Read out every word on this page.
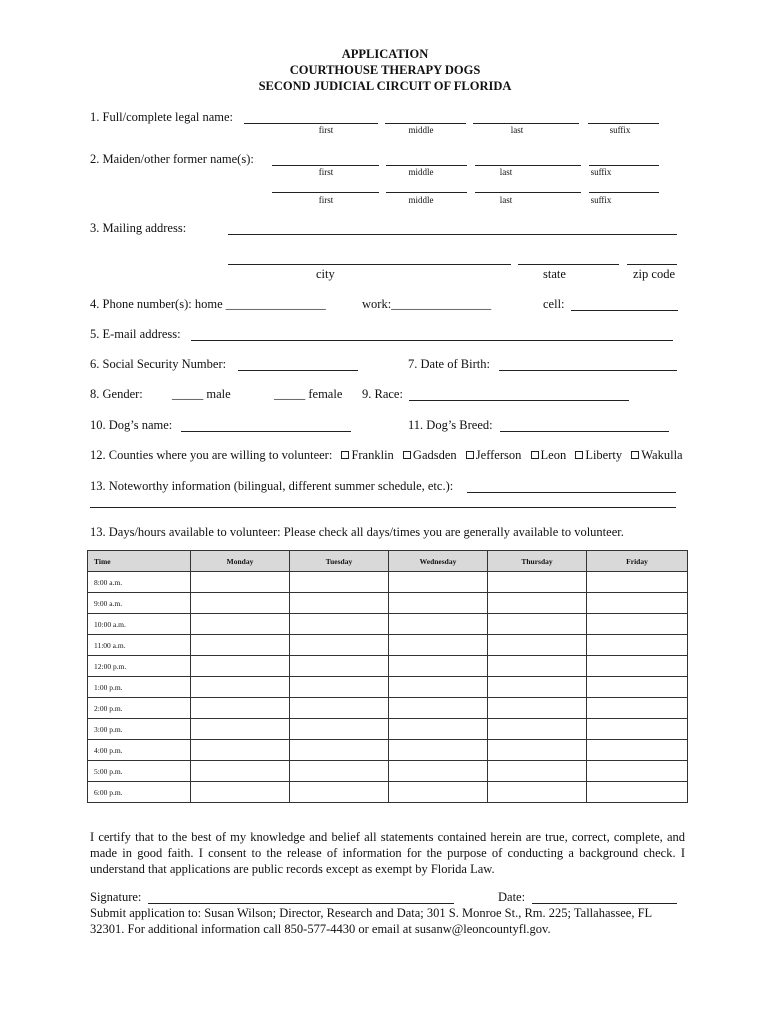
APPLICATION
COURTHOUSE THERAPY DOGS
SECOND JUDICIAL CIRCUIT OF FLORIDA
1. Full/complete legal name:
first	middle	last	suffix
2. Maiden/other former name(s):
first	middle	last	suffix
first	middle	last	suffix
3. Mailing address:
city	state	zip code
4. Phone number(s): home ________________	work:________________	cell:
5. E-mail address:
6. Social Security Number:	7. Date of Birth:
8. Gender: _____ male	_____ female 9. Race:
10. Dog’s name:	11. Dog’s Breed:
12. Counties where you are willing to volunteer: Franklin Gadsden Jefferson Leon Liberty Wakulla
13. Noteworthy information (bilingual, different summer schedule, etc.):
13. Days/hours available to volunteer: Please check all days/times you are generally available to volunteer.
Time	Monday	Tuesday	Wednesday	Thursday	Friday
8:00 a.m.					
9:00 a.m.					
10:00 a.m.					
11:00 a.m.					
12:00 p.m.					
1:00 p.m.					
2:00 p.m.					
3:00 p.m.					
4:00 p.m.					
5:00 p.m.					
6:00 p.m.					
I certify that to the best of my knowledge and belief all statements contained herein are true, correct, complete, and made in good faith. I consent to the release of information for the purpose of conducting a background check. I understand that applications are public records except as exempt by Florida Law.
Signature:	Date:
Submit application to: Susan Wilson; Director, Research and Data; 301 S. Monroe St., Rm. 225; Tallahassee, FL 32301. For additional information call 850-577-4430 or email at susanw@leoncountyfl.gov.
